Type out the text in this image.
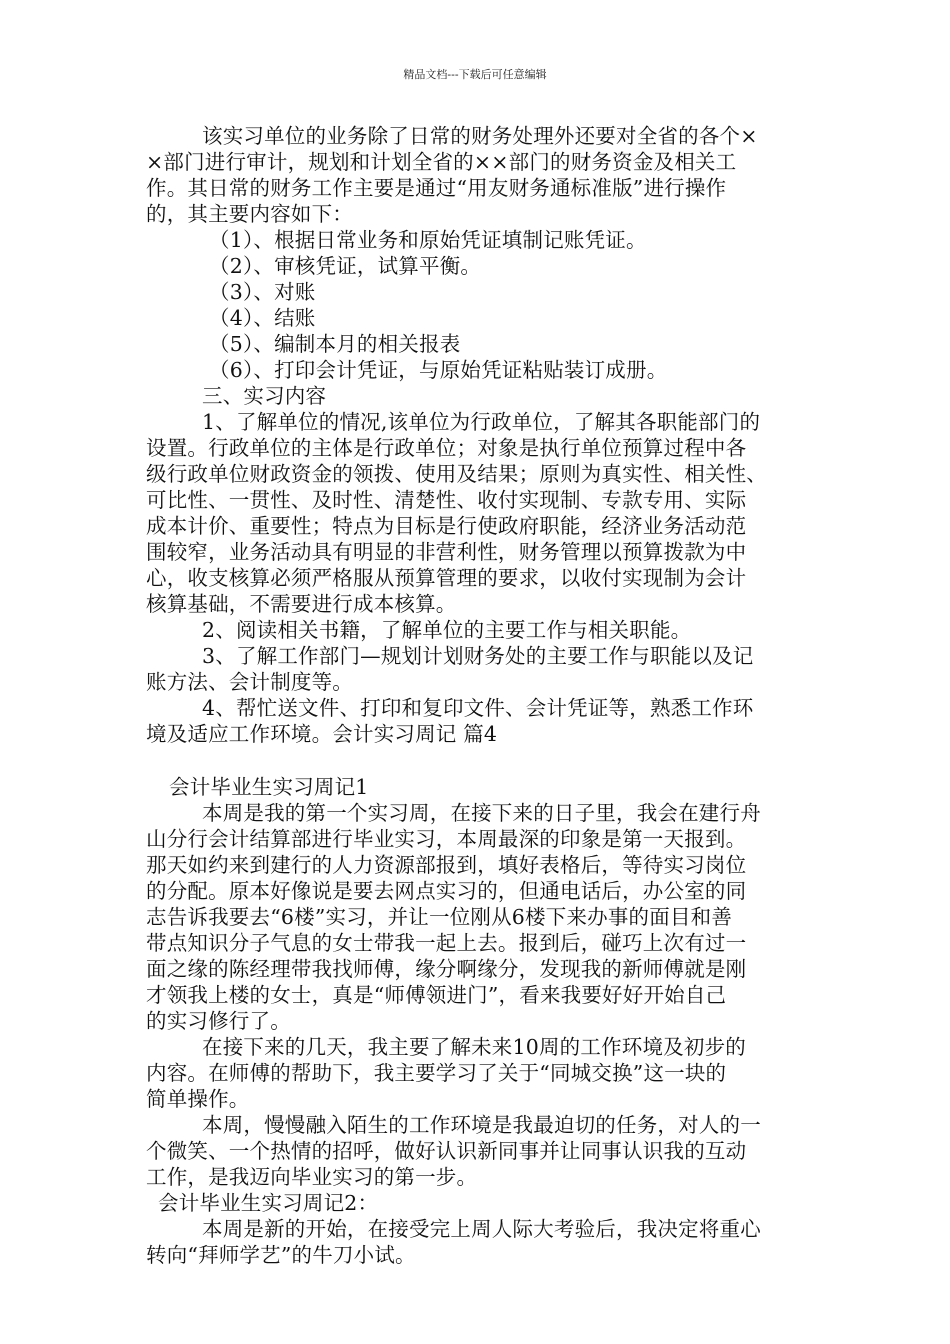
精品文档---下载后可任意编辑
该实习单位的业务除了日常的财务处理外还要对全省的各个×
×部门进行审计，规划和计划全省的××部门的财务资金及相关工
作。其日常的财务工作主要是通过“用友财务通标准版”进行操作
的，其主要内容如下：
（1）、根据日常业务和原始凭证填制记账凭证。
（2）、审核凭证，试算平衡。
（3）、对账
（4）、结账
（5）、编制本月的相关报表
（6）、打印会计凭证，与原始凭证粘贴装订成册。
三、实习内容
1、了解单位的情况,该单位为行政单位，了解其各职能部门的
设置。行政单位的主体是行政单位；对象是执行单位预算过程中各
级行政单位财政资金的领拨、使用及结果；原则为真实性、相关性、
可比性、一贯性、及时性、清楚性、收付实现制、专款专用、实际
成本计价、重要性；特点为目标是行使政府职能，经济业务活动范
围较窄，业务活动具有明显的非营利性，财务管理以预算拨款为中
心，收支核算必须严格服从预算管理的要求，以收付实现制为会计
核算基础，不需要进行成本核算。
2、阅读相关书籍，了解单位的主要工作与相关职能。
3、了解工作部门—规划计划财务处的主要工作与职能以及记
账方法、会计制度等。
4、帮忙送文件、打印和复印文件、会计凭证等，熟悉工作环
境及适应工作环境。会计实习周记 篇4
会计毕业生实习周记1
本周是我的第一个实习周，在接下来的日子里，我会在建行舟
山分行会计结算部进行毕业实习，本周最深的印象是第一天报到。
那天如约来到建行的人力资源部报到，填好表格后，等待实习岗位
的分配。原本好像说是要去网点实习的，但通电话后，办公室的同
志告诉我要去“6楼”实习，并让一位刚从6楼下来办事的面目和善
带点知识分子气息的女士带我一起上去。报到后，碰巧上次有过一
面之缘的陈经理带我找师傅，缘分啊缘分，发现我的新师傅就是刚
才领我上楼的女士，真是“师傅领进门”，看来我要好好开始自己
的实习修行了。
在接下来的几天，我主要了解未来10周的工作环境及初步的
内容。在师傅的帮助下，我主要学习了关于“同城交换”这一块的
简单操作。
本周，慢慢融入陌生的工作环境是我最迫切的任务，对人的一
个微笑、一个热情的招呼，做好认识新同事并让同事认识我的互动
工作，是我迈向毕业实习的第一步。
会计毕业生实习周记2：
本周是新的开始，在接受完上周人际大考验后，我决定将重心
转向“拜师学艺”的牛刀小试。
